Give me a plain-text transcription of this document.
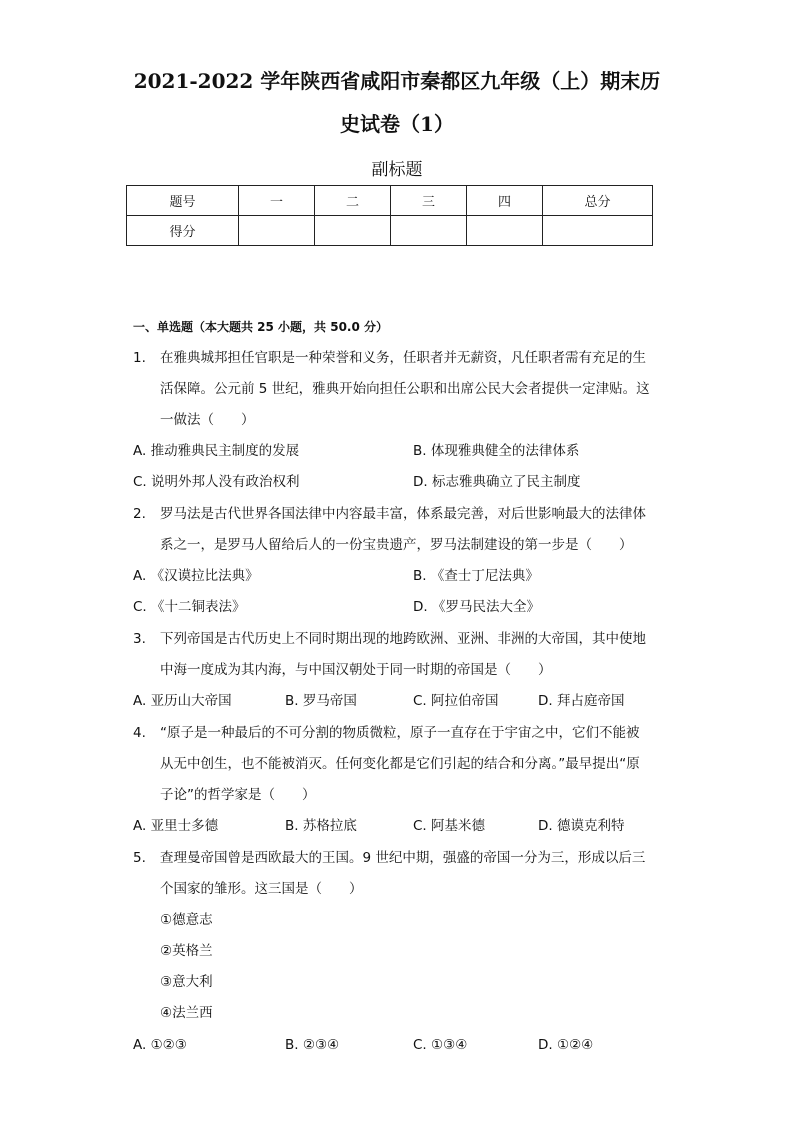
2021-2022 学年陕西省咸阳市秦都区九年级（上）期末历
史试卷（1）
副标题
题号	一	二	三	四	总分
得分					
一、单选题（本大题共 25 小题，共 50.0 分）
1. 在雅典城邦担任官职是一种荣誉和义务，任职者并无薪资，凡任职者需有充足的生
活保障。公元前 5 世纪，雅典开始向担任公职和出席公民大会者提供一定津贴。这
一做法（　　）
A. 推动雅典民主制度的发展	B. 体现雅典健全的法律体系
C. 说明外邦人没有政治权利	D. 标志雅典确立了民主制度
2. 罗马法是古代世界各国法律中内容最丰富，体系最完善，对后世影响最大的法律体
系之一，是罗马人留给后人的一份宝贵遗产，罗马法制建设的第一步是（　　）
A. 《汉谟拉比法典》	B. 《查士丁尼法典》
C. 《十二铜表法》	D. 《罗马民法大全》
3. 下列帝国是古代历史上不同时期出现的地跨欧洲、亚洲、非洲的大帝国，其中使地
中海一度成为其内海，与中国汉朝处于同一时期的帝国是（　　）
A. 亚历山大帝国	B. 罗马帝国	C. 阿拉伯帝国	D. 拜占庭帝国
4. “原子是一种最后的不可分割的物质微粒，原子一直存在于宇宙之中，它们不能被
从无中创生，也不能被消灭。任何变化都是它们引起的结合和分离。”最早提出“原
子论”的哲学家是（　　）
A. 亚里士多德	B. 苏格拉底	C. 阿基米德	D. 德谟克利特
5. 查理曼帝国曾是西欧最大的王国。9 世纪中期，强盛的帝国一分为三，形成以后三
个国家的雏形。这三国是（　　）
①德意志
②英格兰
③意大利
④法兰西
A. ①②③	B. ②③④	C. ①③④	D. ①②④
